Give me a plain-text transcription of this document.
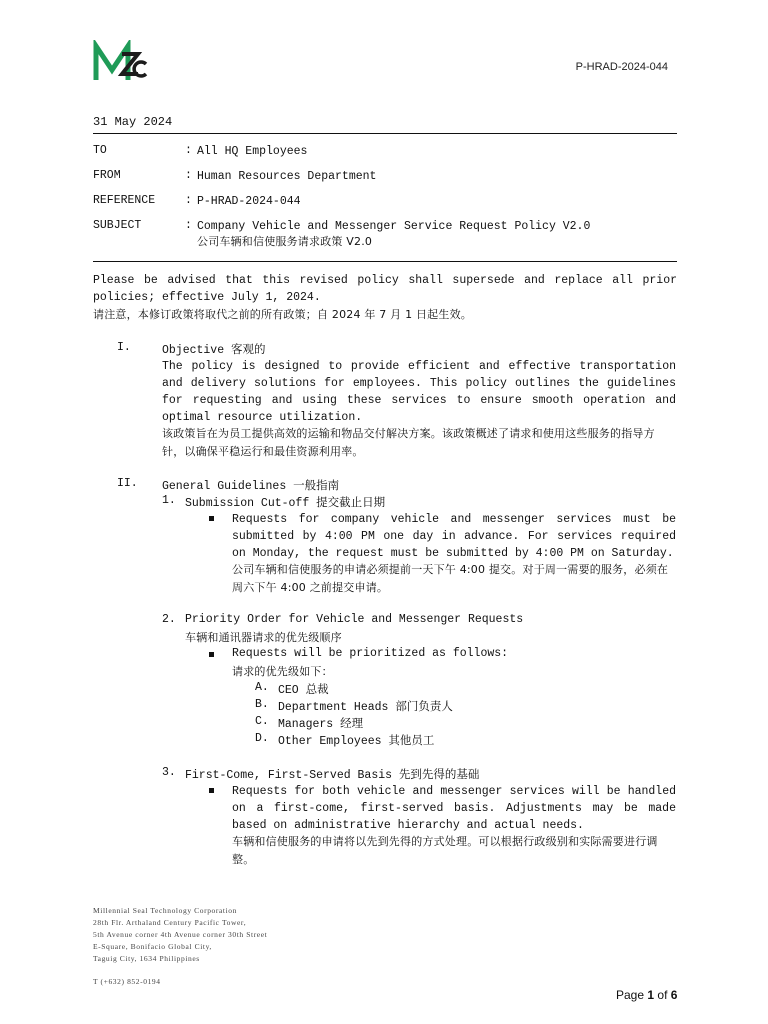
P-HRAD-2024-044
31 May 2024
TO	: All HQ Employees
FROM	: Human Resources Department
REFERENCE	: P-HRAD-2024-044
SUBJECT	: Company Vehicle and Messenger Service Request Policy V2.0
公司车辆和信使服务请求政策 V2.0
Please be advised that this revised policy shall supersede and replace all prior policies; effective July 1, 2024.
请注意，本修订政策将取代之前的所有政策；自 2024 年 7 月 1 日起生效。
I.	Objective 客观的
The policy is designed to provide efficient and effective transportation and delivery solutions for employees. This policy outlines the guidelines for requesting and using these services to ensure smooth operation and optimal resource utilization.
该政策旨在为员工提供高效的运输和物品交付解决方案。该政策概述了请求和使用这些服务的指导方针，以确保平稳运行和最佳资源利用率。
II. General Guidelines 一般指南
1. Submission Cut-off 提交截止日期
Requests for company vehicle and messenger services must be submitted by 4:00 PM one day in advance. For services required on Monday, the request must be submitted by 4:00 PM on Saturday.
公司车辆和信使服务的申请必须提前一天下午 4:00 提交。对于周一需要的服务，必须在周六下午 4:00 之前提交申请。
2. Priority Order for Vehicle and Messenger Requests
车辆和通讯器请求的优先级顺序
Requests will be prioritized as follows:
请求的优先级如下：
A. CEO 总裁
B. Department Heads 部门负责人
C. Managers 经理
D. Other Employees 其他员工
3. First-Come, First-Served Basis 先到先得的基础
Requests for both vehicle and messenger services will be handled on a first-come, first-served basis. Adjustments may be made based on administrative hierarchy and actual needs.
车辆和信使服务的申请将以先到先得的方式处理。可以根据行政级别和实际需要进行调整。
Millennial Seal Technology Corporation
28th Flr. Arthaland Century Pacific Tower,
5th Avenue corner 4th Avenue corner 30th Street
E-Square, Bonifacio Global City,
Taguig City, 1634 Philippines
T (+632) 852-0194
Page 1 of 6
